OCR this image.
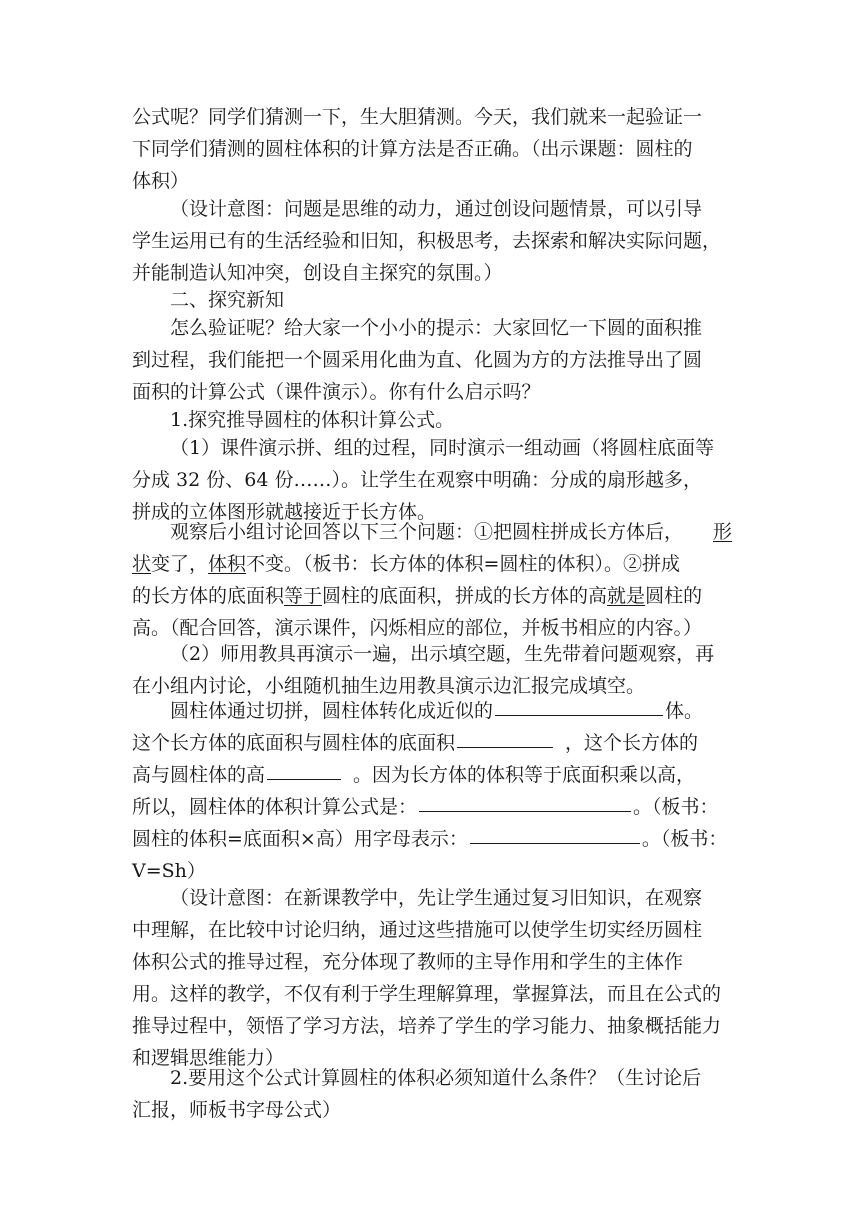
公式呢？同学们猜测一下，生大胆猜测。今天，我们就来一起验证一
下同学们猜测的圆柱体积的计算方法是否正确。（出示课题：圆柱的
体积）
（设计意图：问题是思维的动力，通过创设问题情景，可以引导
学生运用已有的生活经验和旧知，积极思考，去探索和解决实际问题，
并能制造认知冲突，创设自主探究的氛围。）
二、探究新知
怎么验证呢？给大家一个小小的提示：大家回忆一下圆的面积推
到过程，我们能把一个圆采用化曲为直、化圆为方的方法推导出了圆
面积的计算公式（课件演示）。你有什么启示吗？
1.探究推导圆柱的体积计算公式。
（1）课件演示拼、组的过程，同时演示一组动画（将圆柱底面等
分成 32 份、64 份……）。让学生在观察中明确：分成的扇形越多，
拼成的立体图形就越接近于长方体。
观察后小组讨论回答以下三个问题：①把圆柱拼成长方体后， 形
状变了，体积不变。（板书：长方体的体积=圆柱的体积）。②拼成
的长方体的底面积等于圆柱的底面积，拼成的长方体的高就是圆柱的
高。（配合回答，演示课件，闪烁相应的部位，并板书相应的内容。）
（2）师用教具再演示一遍，出示填空题，生先带着问题观察，再
在小组内讨论，小组随机抽生边用教具演示边汇报完成填空。
圆柱体通过切拼，圆柱体转化成近似的	体。
这个长方体的底面积与圆柱体的底面积	，这个长方体的
高与圆柱体的高	。因为长方体的体积等于底面积乘以高，
所以，圆柱体的体积计算公式是：	。（板书：
圆柱的体积=底面积×高）用字母表示：	。（板书：
V=Sh）
（设计意图：在新课教学中，先让学生通过复习旧知识，在观察
中理解，在比较中讨论归纳，通过这些措施可以使学生切实经历圆柱
体积公式的推导过程，充分体现了教师的主导作用和学生的主体作
用。这样的教学，不仅有利于学生理解算理，掌握算法，而且在公式的
推导过程中，领悟了学习方法，培养了学生的学习能力、抽象概括能力
和逻辑思维能力）
2.要用这个公式计算圆柱的体积必须知道什么条件？（生讨论后
汇报，师板书字母公式）
